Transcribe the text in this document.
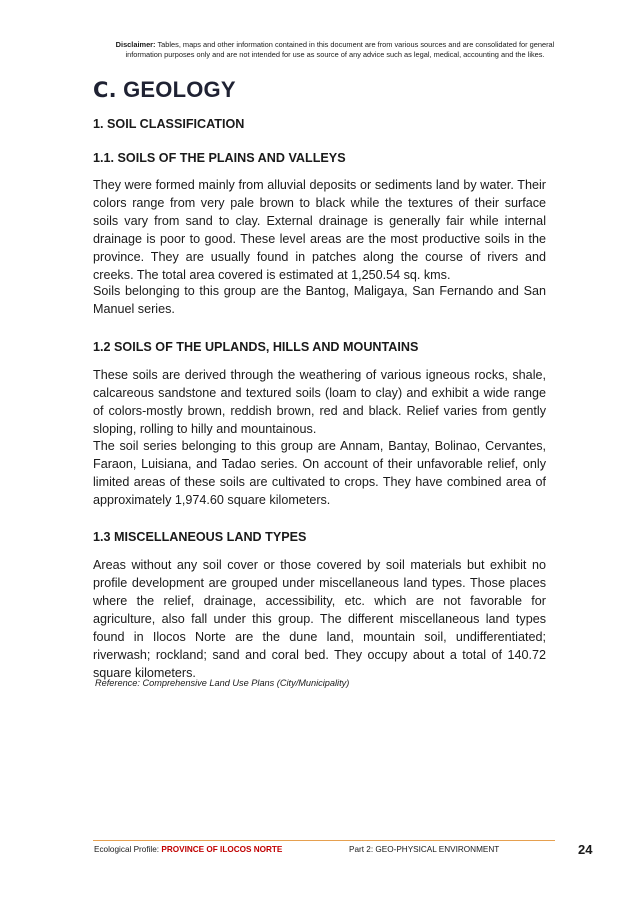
Disclaimer: Tables, maps and other information contained in this document are from various sources and are consolidated for general information purposes only and are not intended for use as source of any advice such as legal, medical, accounting and the likes.
C. GEOLOGY
1. SOIL CLASSIFICATION
1.1. SOILS OF THE PLAINS AND VALLEYS
They were formed mainly from alluvial deposits or sediments land by water. Their colors range from very pale brown to black while the textures of their surface soils vary from sand to clay. External drainage is generally fair while internal drainage is poor to good. These level areas are the most productive soils in the province. They are usually found in patches along the course of rivers and creeks. The total area covered is estimated at 1,250.54 sq. kms.
Soils belonging to this group are the Bantog, Maligaya, San Fernando and San Manuel series.
1.2 SOILS OF THE UPLANDS, HILLS AND MOUNTAINS
These soils are derived through the weathering of various igneous rocks, shale, calcareous sandstone and textured soils (loam to clay) and exhibit a wide range of colors-mostly brown, reddish brown, red and black. Relief varies from gently sloping, rolling to hilly and mountainous.
The soil series belonging to this group are Annam, Bantay, Bolinao, Cervantes, Faraon, Luisiana, and Tadao series. On account of their unfavorable relief, only limited areas of these soils are cultivated to crops. They have combined area of approximately 1,974.60 square kilometers.
1.3 MISCELLANEOUS LAND TYPES
Areas without any soil cover or those covered by soil materials but exhibit no profile development are grouped under miscellaneous land types. Those places where the relief, drainage, accessibility, etc. which are not favorable for agriculture, also fall under this group. The different miscellaneous land types found in Ilocos Norte are the dune land, mountain soil, undifferentiated; riverwash; rockland; sand and coral bed. They occupy about a total of 140.72 square kilometers.
Reference: Comprehensive Land Use Plans (City/Municipality)
Ecological Profile: PROVINCE OF ILOCOS NORTE	Part 2: GEO-PHYSICAL ENVIRONMENT	24
